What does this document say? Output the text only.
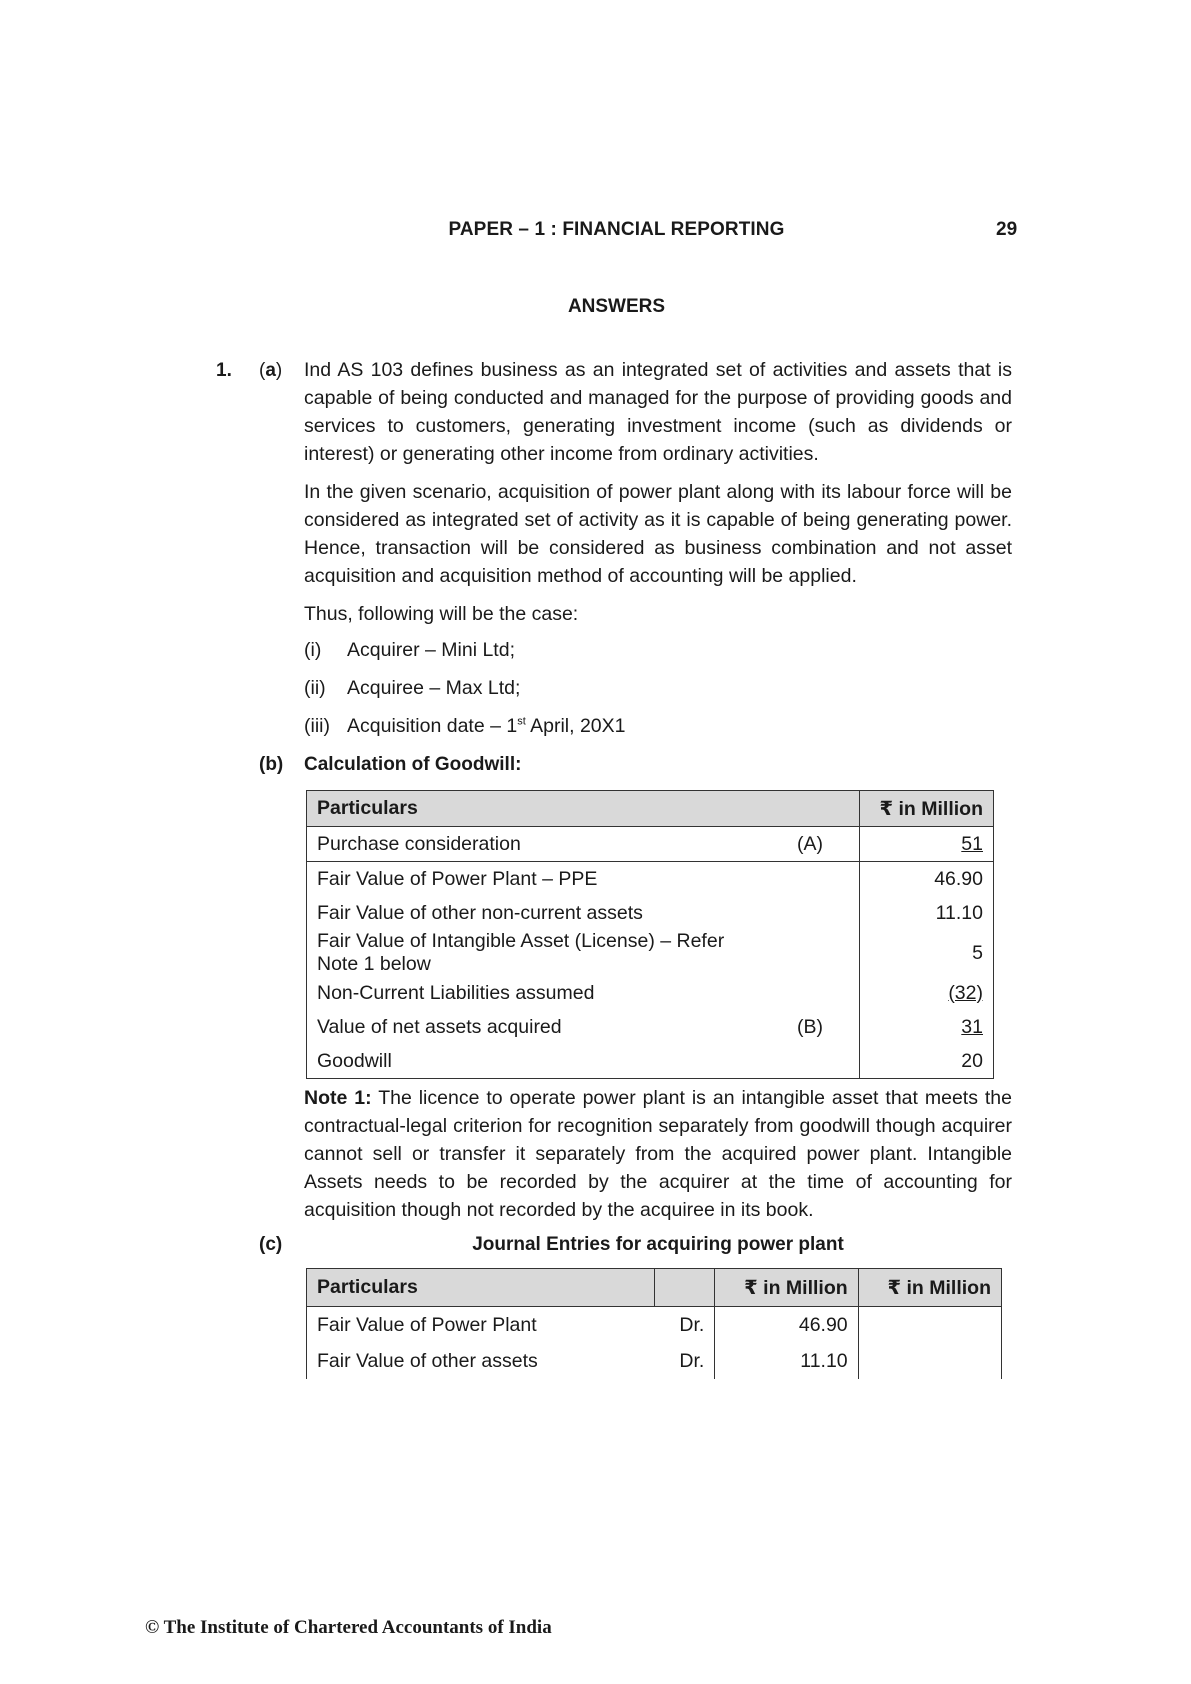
PAPER – 1 : FINANCIAL REPORTING	29
ANSWERS
1. (a) Ind AS 103 defines business as an integrated set of activities and assets that is capable of being conducted and managed for the purpose of providing goods and services to customers, generating investment income (such as dividends or interest) or generating other income from ordinary activities.
In the given scenario, acquisition of power plant along with its labour force will be considered as integrated set of activity as it is capable of being generating power. Hence, transaction will be considered as business combination and not asset acquisition and acquisition method of accounting will be applied.
Thus, following will be the case:
(i) Acquirer – Mini Ltd;
(ii) Acquiree – Max Ltd;
(iii) Acquisition date – 1st April, 20X1
(b) Calculation of Goodwill:
Particulars		₹ in Million
Purchase consideration	(A)	51
Fair Value of Power Plant – PPE		46.90
Fair Value of other non-current assets		11.10
Fair Value of Intangible Asset (License) – Refer Note 1 below		5
Non-Current Liabilities assumed		(32)
Value of net assets acquired	(B)	31
Goodwill		20
Note 1: The licence to operate power plant is an intangible asset that meets the contractual-legal criterion for recognition separately from goodwill though acquirer cannot sell or transfer it separately from the acquired power plant. Intangible Assets needs to be recorded by the acquirer at the time of accounting for acquisition though not recorded by the acquiree in its book.
(c)	Journal Entries for acquiring power plant
Particulars		₹ in Million	₹ in Million
Fair Value of Power Plant	Dr.	46.90	
Fair Value of other assets	Dr.	11.10	
© The Institute of Chartered Accountants of India
